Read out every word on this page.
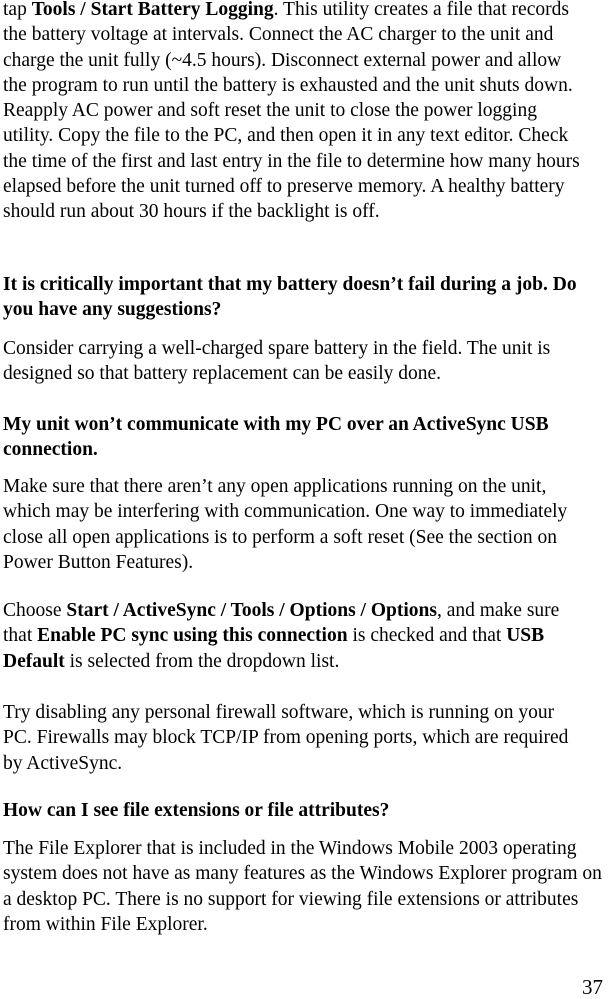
tap Tools / Start Battery Logging. This utility creates a file that records the battery voltage at intervals. Connect the AC charger to the unit and charge the unit fully (~4.5 hours). Disconnect external power and allow the program to run until the battery is exhausted and the unit shuts down. Reapply AC power and soft reset the unit to close the power logging utility. Copy the file to the PC, and then open it in any text editor. Check the time of the first and last entry in the file to determine how many hours elapsed before the unit turned off to preserve memory. A healthy battery should run about 30 hours if the backlight is off.
It is critically important that my battery doesn’t fail during a job. Do you have any suggestions?
Consider carrying a well-charged spare battery in the field. The unit is designed so that battery replacement can be easily done.
My unit won’t communicate with my PC over an ActiveSync USB connection.
Make sure that there aren’t any open applications running on the unit, which may be interfering with communication. One way to immediately close all open applications is to perform a soft reset (See the section on Power Button Features).
Choose Start / ActiveSync / Tools / Options / Options, and make sure that Enable PC sync using this connection is checked and that USB Default is selected from the dropdown list.
Try disabling any personal firewall software, which is running on your PC. Firewalls may block TCP/IP from opening ports, which are required by ActiveSync.
How can I see file extensions or file attributes?
The File Explorer that is included in the Windows Mobile 2003 operating system does not have as many features as the Windows Explorer program on a desktop PC. There is no support for viewing file extensions or attributes from within File Explorer.
37
